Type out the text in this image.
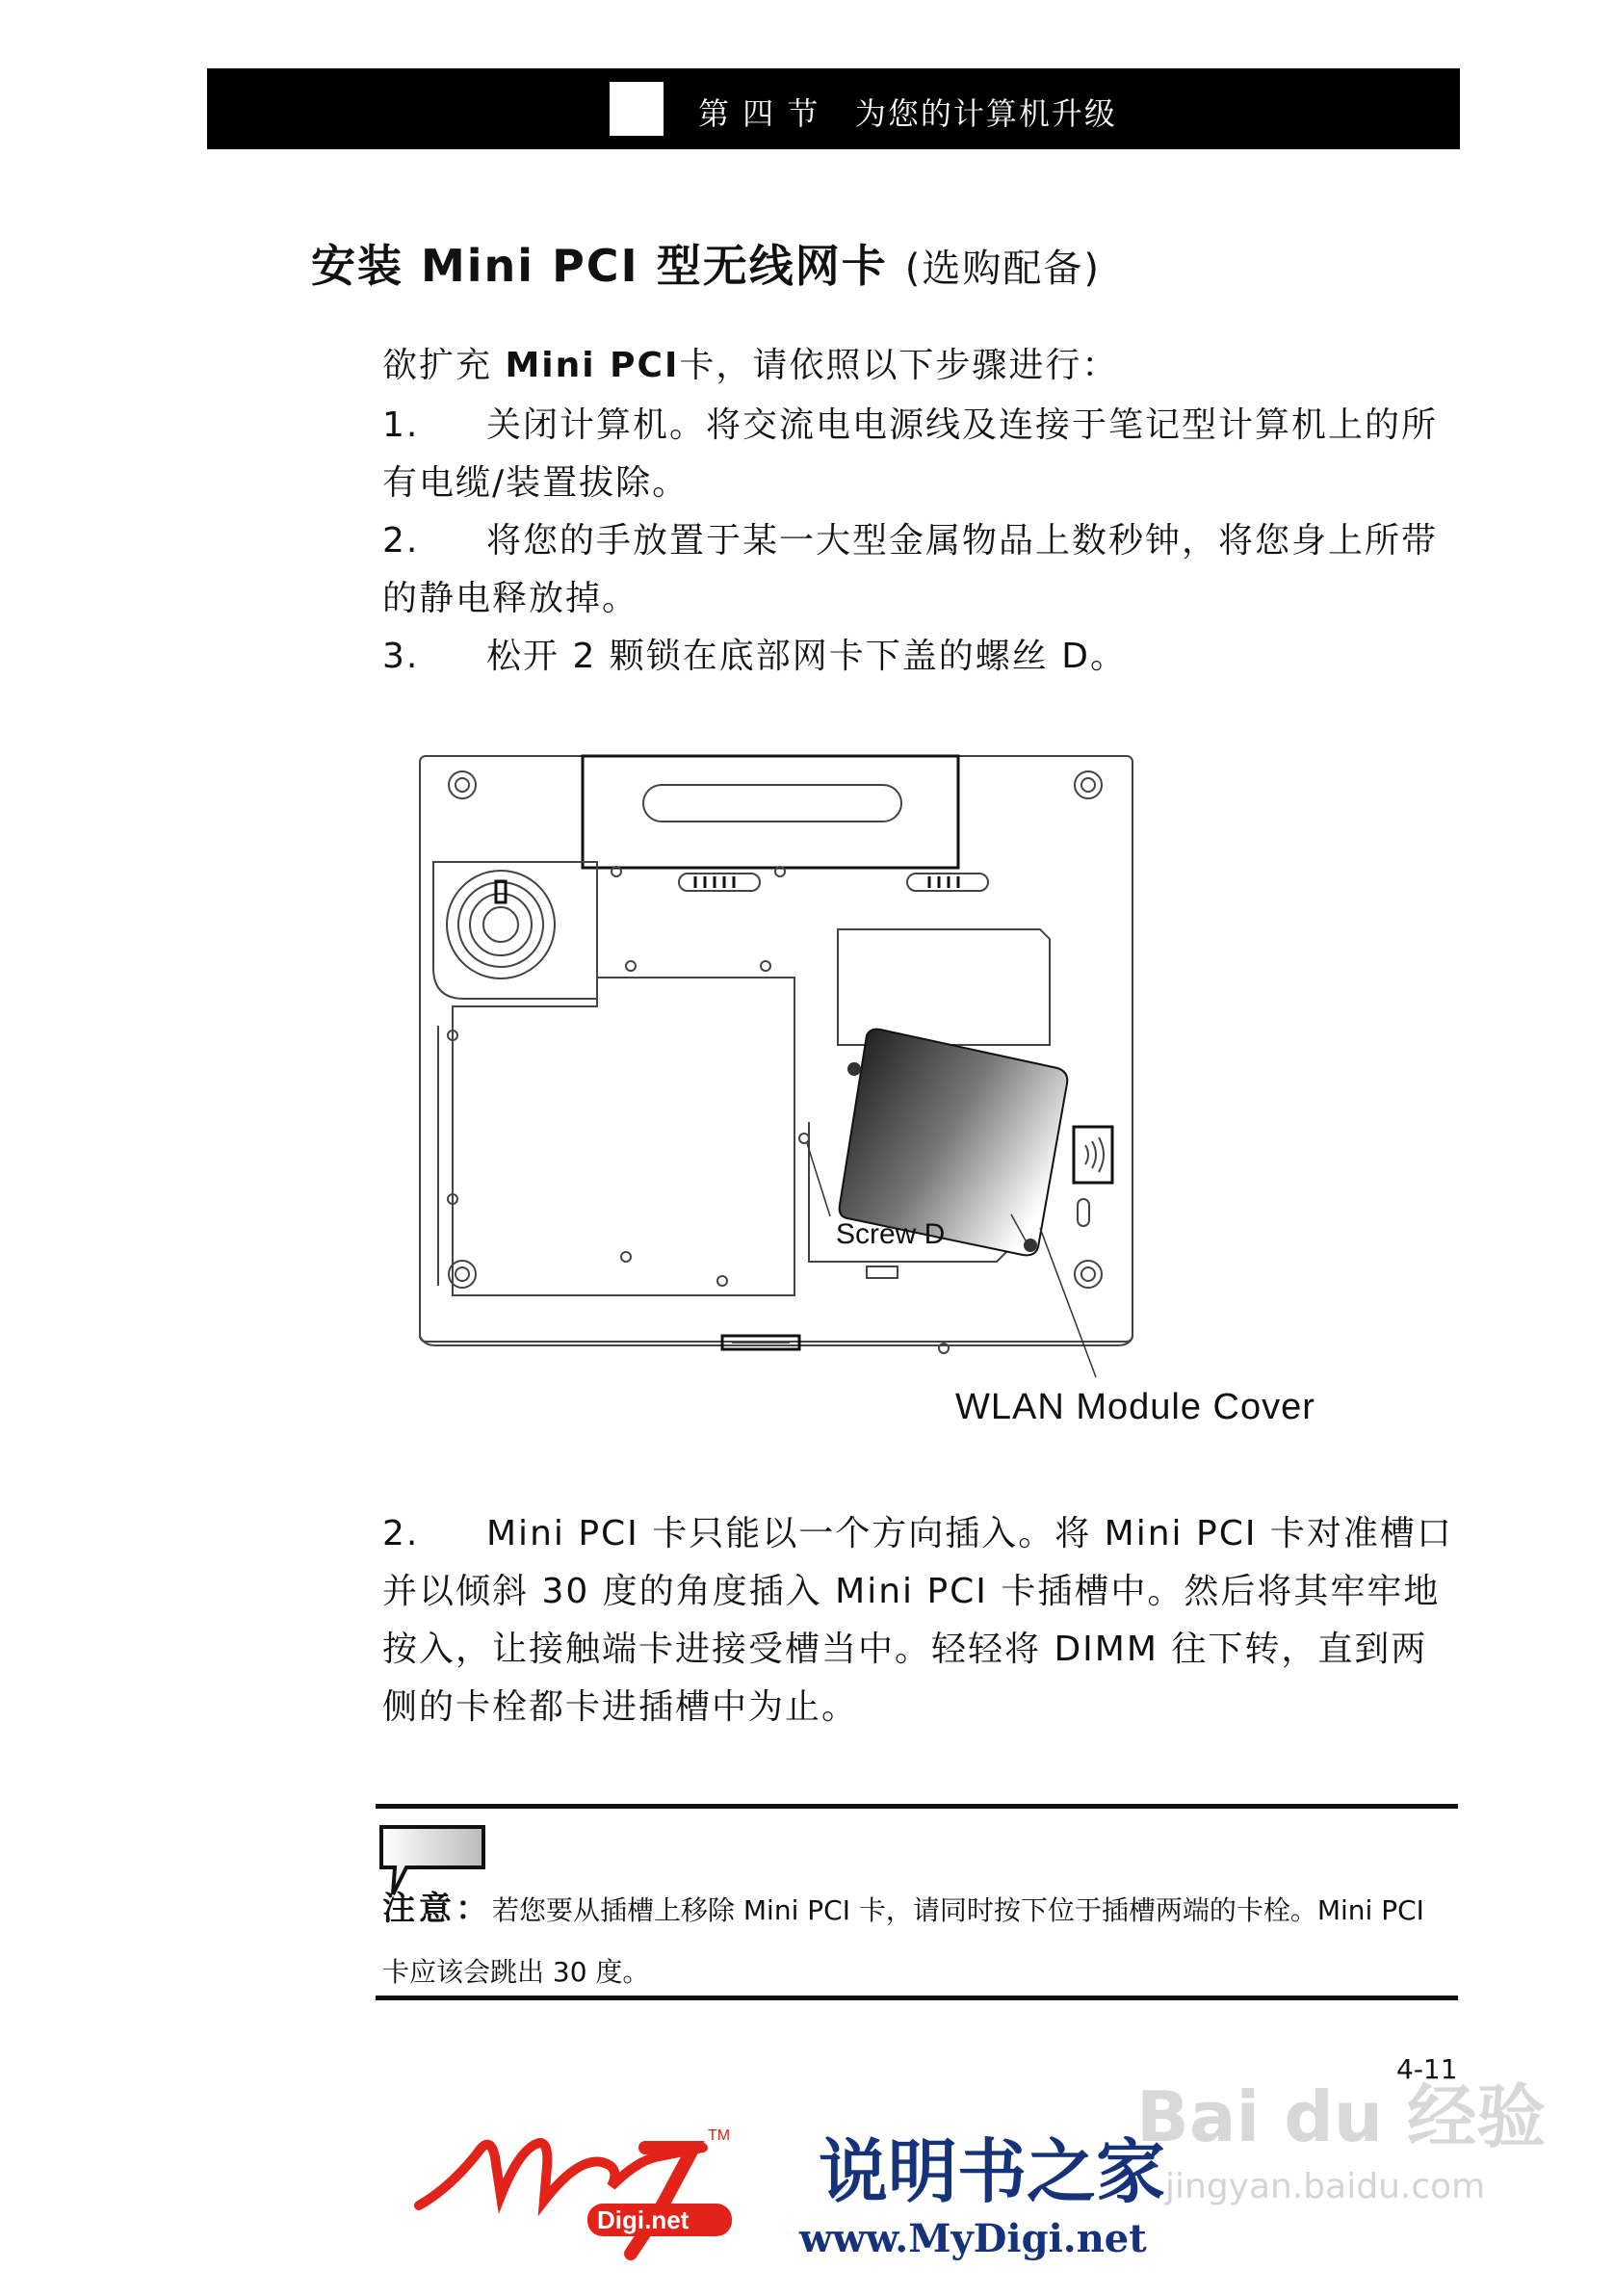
第 四 节   为您的计算机升级
安装 Mini PCI 型无线网卡 (选购配备)
欲扩充 Mini PCI卡，请依照以下步骤进行：
1. 关闭计算机。将交流电电源线及连接于笔记型计算机上的所有电缆/装置拔除。
2. 将您的手放置于某一大型金属物品上数秒钟，将您身上所带的静电释放掉。
3. 松开 2 颗锁在底部网卡下盖的螺丝 D。
Screw D
WLAN Module Cover
2. Mini PCI 卡只能以一个方向插入。将 Mini PCI 卡对准槽口并以倾斜 30 度的角度插入 Mini PCI 卡插槽中。然后将其牢牢地按入，让接触端卡进接受槽当中。轻轻将 DIMM 往下转，直到两侧的卡栓都卡进插槽中为止。
注意：若您要从插槽上移除 Mini PCI 卡，请同时按下位于插槽两端的卡栓。Mini PCI 卡应该会跳出 30 度。
4-11
Bai du 经验
jingyan.baidu.com
TM
Digi.net
说明书之家
www.MyDigi.net
